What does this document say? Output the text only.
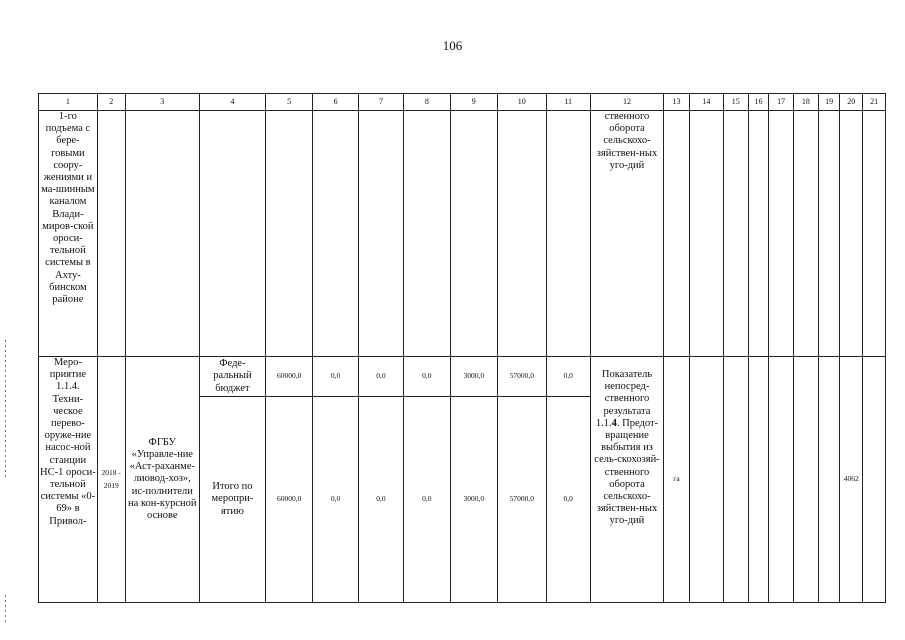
106
1	2	3	4	5	6	7	8	9	10	11	12	13	14	15	16	17	18	19	20	21
1-го подъема с бере-говыми соору-жениями и ма-шинным каналом Влади-миров-ской ороси-тельной системы в Ахту-бинском районе											ственного оборота сельскохо-зяйствен-ных уго-дий									
Меро-приятие 1.1.4. Техни-ческое перево-оруже-ние насос-ной станции НС-1 ороси-тельной системы «0-69» в Привол-	2018 - 2019	ФГБУ «Управле-ние «Аст-раханме-лиовод-хоз», ис-полнители на кон-курсной основе	Феде-ральный бюджет	60000,0	0,0	0,0	0,0	3000,0	57000,0	0,0	Показатель непосред-ственного результата 1.1.4. Предот-вращение выбытия из сель-скохозяй-ственного оборота сельскохо-зяйствен-ных уго-дий	га							4062	
			Итого по меропри-ятию	60000,0	0,0	0,0	0,0	3000,0	57000,0	0,0										
